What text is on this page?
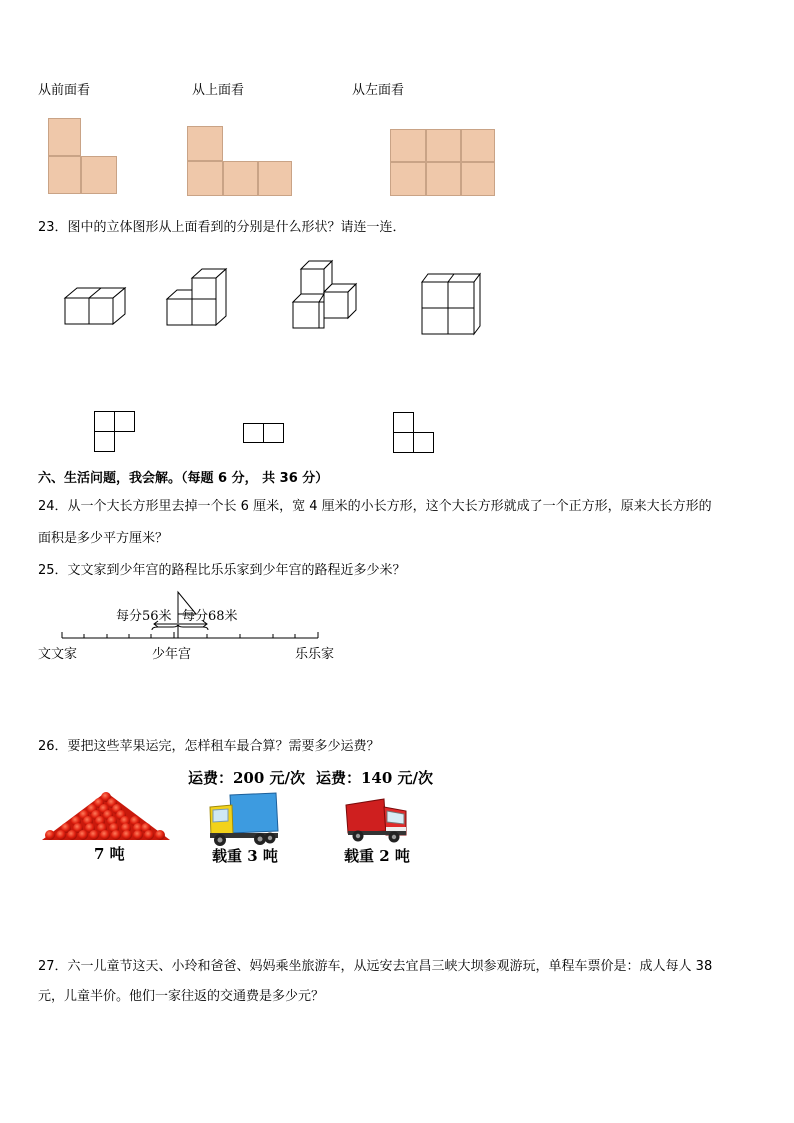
从前面看	从上面看	从左面看
23．图中的立体图形从上面看到的分别是什么形状？请连一连．
六、生活问题，我会解。（每题 6 分， 共 36 分）
24．从一个大长方形里去掉一个长 6 厘米，宽 4 厘米的小长方形，这个大长方形就成了一个正方形，原来大长方形的
面积是多少平方厘米？
25．文文家到少年宫的路程比乐乐家到少年宫的路程近多少米？
每分56米 每分68米
文文家	少年宫	乐乐家
26．要把这些苹果运完，怎样租车最合算？需要多少运费？
运费：200 元/次 运费：140 元/次
7 吨	载重 3 吨	载重 2 吨
27．六一儿童节这天、小玲和爸爸、妈妈乘坐旅游车，从远安去宜昌三峡大坝参观游玩，单程车票价是：成人每人 38
元，儿童半价。他们一家往返的交通费是多少元？
